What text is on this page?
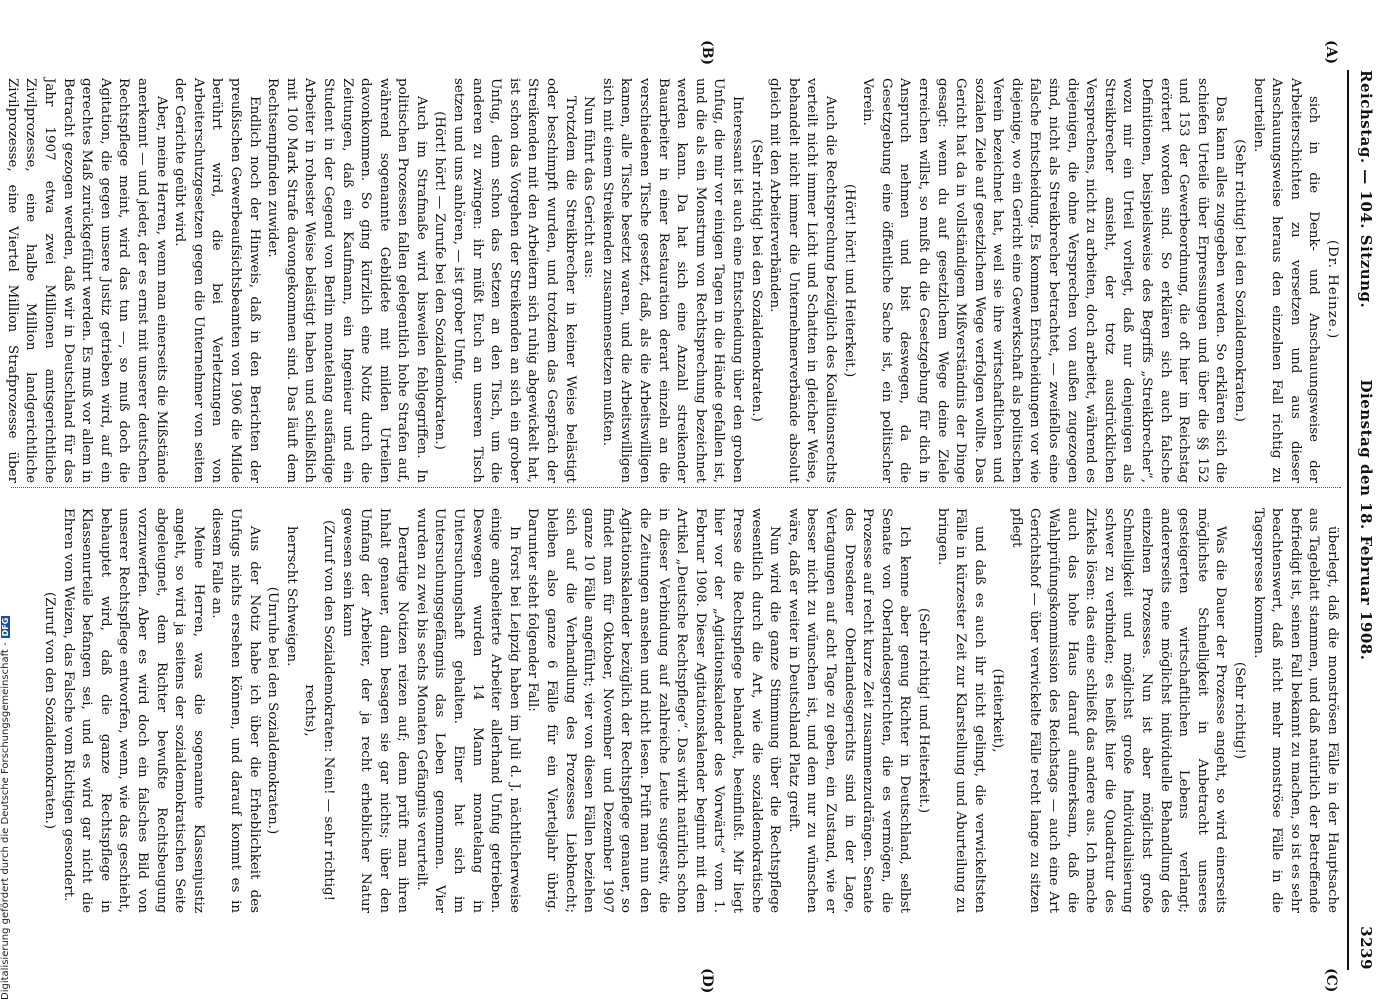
Reichstag. — 104. Sitzung.
Dienstag den 18. Februar 1908.
3239
(A)
(B)
(C)
(D)

(Dr. Heinze.)

sich in die Denk- und Anschauungsweise der Arbeiterschichten zu versetzen und aus dieser Anschauungsweise heraus den einzelnen Fall richtig zu beurteilen.

(Sehr richtig! bei den Sozialdemokraten.)

Das kann alles zugegeben werden. So erklären sich die schiefen Urteile über Erpressungen und über die §§ 152 und 153 der Gewerbeordnung, die oft hier im Reichstag erörtert worden sind. So erklären sich auch falsche Definitionen, beispielsweise des Begriffs „Streikbrecher“, wozu mir ein Urteil vorliegt, daß nur denjenigen als Streikbrecher ansieht, der trotz ausdrücklichen Versprechens, nicht zu arbeiten, doch arbeitet, während es diejenigen, die ohne Versprechen von außen zugezogen sind, nicht als Streikbrecher betrachtet, — zweifellos eine falsche Entscheidung. Es kommen Entscheidungen vor wie diejenige, wo ein Gericht eine Gewerkschaft als politischen Verein bezeichnet hat, weil sie ihre wirtschaftlichen und sozialen Ziele auf gesetzlichem Wege verfolgen wollte. Das Gericht hat da in vollständigem Mißverständnis der Dinge gesagt: wenn du auf gesetzlichem Wege deine Ziele erreichen willst, so mußt du die Gesetzgebung für dich in Anspruch nehmen und bist deswegen, da die Gesetzgebung eine öffentliche Sache ist, ein politischer Verein.

(Hört! hört! und Heiterkeit.)

Auch die Rechtsprechung bezüglich des Koalitionsrechts verteilt nicht immer Licht und Schatten in gleicher Weise, behandelt nicht immer die Unternehmerverbände absolut gleich mit den Arbeiterverbänden.

(Sehr richtig! bei den Sozialdemokraten.)

Interessant ist auch eine Entscheidung über den groben Unfug, die mir vor einigen Tagen in die Hände gefallen ist, und die als ein Monstrum von Rechtsprechung bezeichnet werden kann. Da hat sich eine Anzahl streikender Bauarbeiter in einer Restauration derart einzeln an die verschiedenen Tische gesetzt, daß, als die Arbeitswilligen kamen, alle Tische besetzt waren, und die Arbeitswilligen sich mit einem Streikenden zusammensetzen mußten.

Nun führt das Gericht aus:

Trotzdem die Streikbrecher in keiner Weise belästigt oder beschimpft wurden, und trotzdem das Gespräch der Streikenden mit den Arbeitern sich ruhig abgewickelt hat, ist schon das Vorgehen der Streikenden an sich ein grober Unfug, denn schon das Setzen an den Tisch, um die anderen zu zwingen: ihr müßt Euch an unseren Tisch setzen und uns anhören, — ist grober Unfug.

(Hört! hört! — Zurufe bei den Sozialdemokraten.)

Auch im Strafmaße wird bisweilen fehlgegriffen. In politischen Prozessen fallen gelegentlich hohe Strafen auf, während sogenannte Gebildete mit milden Urteilen davonkommen. So ging kürzlich eine Notiz durch die Zeitungen, daß ein Kaufmann, ein Ingenieur und ein Student in der Gegend von Berlin monatelang ausfändige Arbeiter in rohester Weise belästigt haben und schließlich mit 100 Mark Strafe davongekommen sind. Das läuft dem Rechtsempfinden zuwider.

Endlich noch der Hinweis, daß in den Berichten der preußischen Gewerbeaufsichtsbeamten von 1906 die Milde berührt wird, die bei Verletzungen von Arbeiterschutzgesetzen gegen die Unternehmer von seiten der Gerichte geübt wird.

Aber, meine Herren, wenn man einerseits die Mißstände anerkennt — und jeder, der es ernst mit unserer deutschen Rechtspflege meint, wird das tun —, so muß doch die Agitation, die gegen unsere Justiz getrieben wird, auf ein gerechtes Maß zurückgeführt werden. Es muß vor allem in Betracht gezogen werden, daß wir in Deutschland für das Jahr 1907 etwa zwei Millionen amtsgerichtliche Zivilprozesse, eine halbe Million landgerichtliche Zivilprozesse, eine Viertel Million Strafprozesse über

überlegt, daß die monströsen Fälle in der Hauptsache aus Tageblatt stammen, und daß natürlich der Betreffende befriedigt ist, seinen Fall bekannt zu machen, so ist es sehr beachtenswert, daß nicht mehr monströse Fälle in die Tagespresse kommen.

(Sehr richtig!)

Was die Dauer der Prozesse angeht, so wird einerseits möglichste Schnelligkeit in Anbetracht unseres gesteigerten wirtschaftlichen Lebens verlangt; andererseits eine möglichst individuelle Behandlung des einzelnen Prozesses. Nun ist aber möglichst große Schnelligkeit und möglichst große Individualisierung schwer zu verbinden; es heißt hier die Quadratur des Zirkels lösen: das eine schließt das andere aus. Ich mache auch das hohe Haus darauf aufmerksam, daß die Wahlprüfungskommission des Reichstags — auch eine Art Gerichtshof — über verwickelte Fälle recht lange zu sitzen pflegt

(Heiterkeit),

und daß es auch ihr nicht gelingt, die verwickeltsten Fälle in kürzester Zeit zur Klarstellung und Aburteilung zu bringen.

(Sehr richtig! und Heiterkeit.)

Ich kenne aber genug Richter in Deutschland, selbst Senate von Oberlandesgerichten, die es vermögen, die Prozesse auf recht kurze Zeit zusammenzudrängen. Senate des Dresdener Oberlandesgerichts sind in der Lage, Vertagungen auf acht Tage zu geben, ein Zustand, wie er besser nicht zu wünschen ist, und dem nur zu wünschen wäre, daß er weiter in Deutschland Platz greift.

Nun wird die ganze Stimmung über die Rechtspflege wesentlich durch die Art, wie die sozialdemokratische Presse die Rechtspflege behandelt, beeinflußt. Mir liegt hier vor der „Agitationskalender des Vorwärts“ vom 1. Februar 1908. Dieser Agitationskalender beginnt mit dem Artikel „Deutsche Rechtspflege“. Das wirkt natürlich schon in dieser Verbindung auf zahlreiche Leute suggestiv, die die Zeitungen ansehen und nicht lesen. Prüft man nun den Agitationskalender bezüglich der Rechtspflege genauer, so findet man für Oktober, November und Dezember 1907 ganze 10 Fälle angeführt; vier von diesen Fällen beziehen sich auf die Verhandlung des Prozesses Liebknecht; bleiben also ganze 6 Fälle für ein Vierteljahr übrig. Darunter steht folgender Fall:

In Forst bei Leipzig haben im Juli d. J. nächtlicherweise einige angeheiterte Arbeiter allerhand Unfug getrieben. Deswegen wurden 14 Mann monatelang in Untersuchungshaft gehalten. Einer hat sich im Untersuchungsgefängnis das Leben genommen. Vier wurden zu zwei bis sechs Monaten Gefängnis verurteilt.

Derartige Notizen reizen auf; denn prüft man ihren Inhalt genauer, dann besagen sie gar nichts; über den Umfang der Arbeiter, der ja recht erheblicher Natur gewesen sein kann

(Zuruf von den Sozialdemokraten: Nein! — sehr richtig! rechts),

herrscht Schweigen.

(Unruhe bei den Sozialdemokraten.)

Aus der Notiz habe ich über die Erheblichkeit des Unfugs nichts ersehen können, und darauf kommt es in diesem Falle an.

Meine Herren, was die sogenannte Klassenjustiz angeht, so wird ja seitens der sozialdemokratischen Seite abgeleugnet, dem Richter bewußte Rechtsbeugung vorzuwerfen. Aber es wird doch ein falsches Bild von unserer Rechtspflege entworfen, wenn, wie das geschieht, behauptet wird, daß die ganze Rechtspflege in Klassenurteile befangen sei, und es wird gar nicht die Ehren vom Weizen, das Falsche vom Richtigen gesondert.

(Zuruf von den Sozialdemokraten.)

Digitalisierung gefördert durch die Deutsche Forschungsgemeinschaft -DFG
